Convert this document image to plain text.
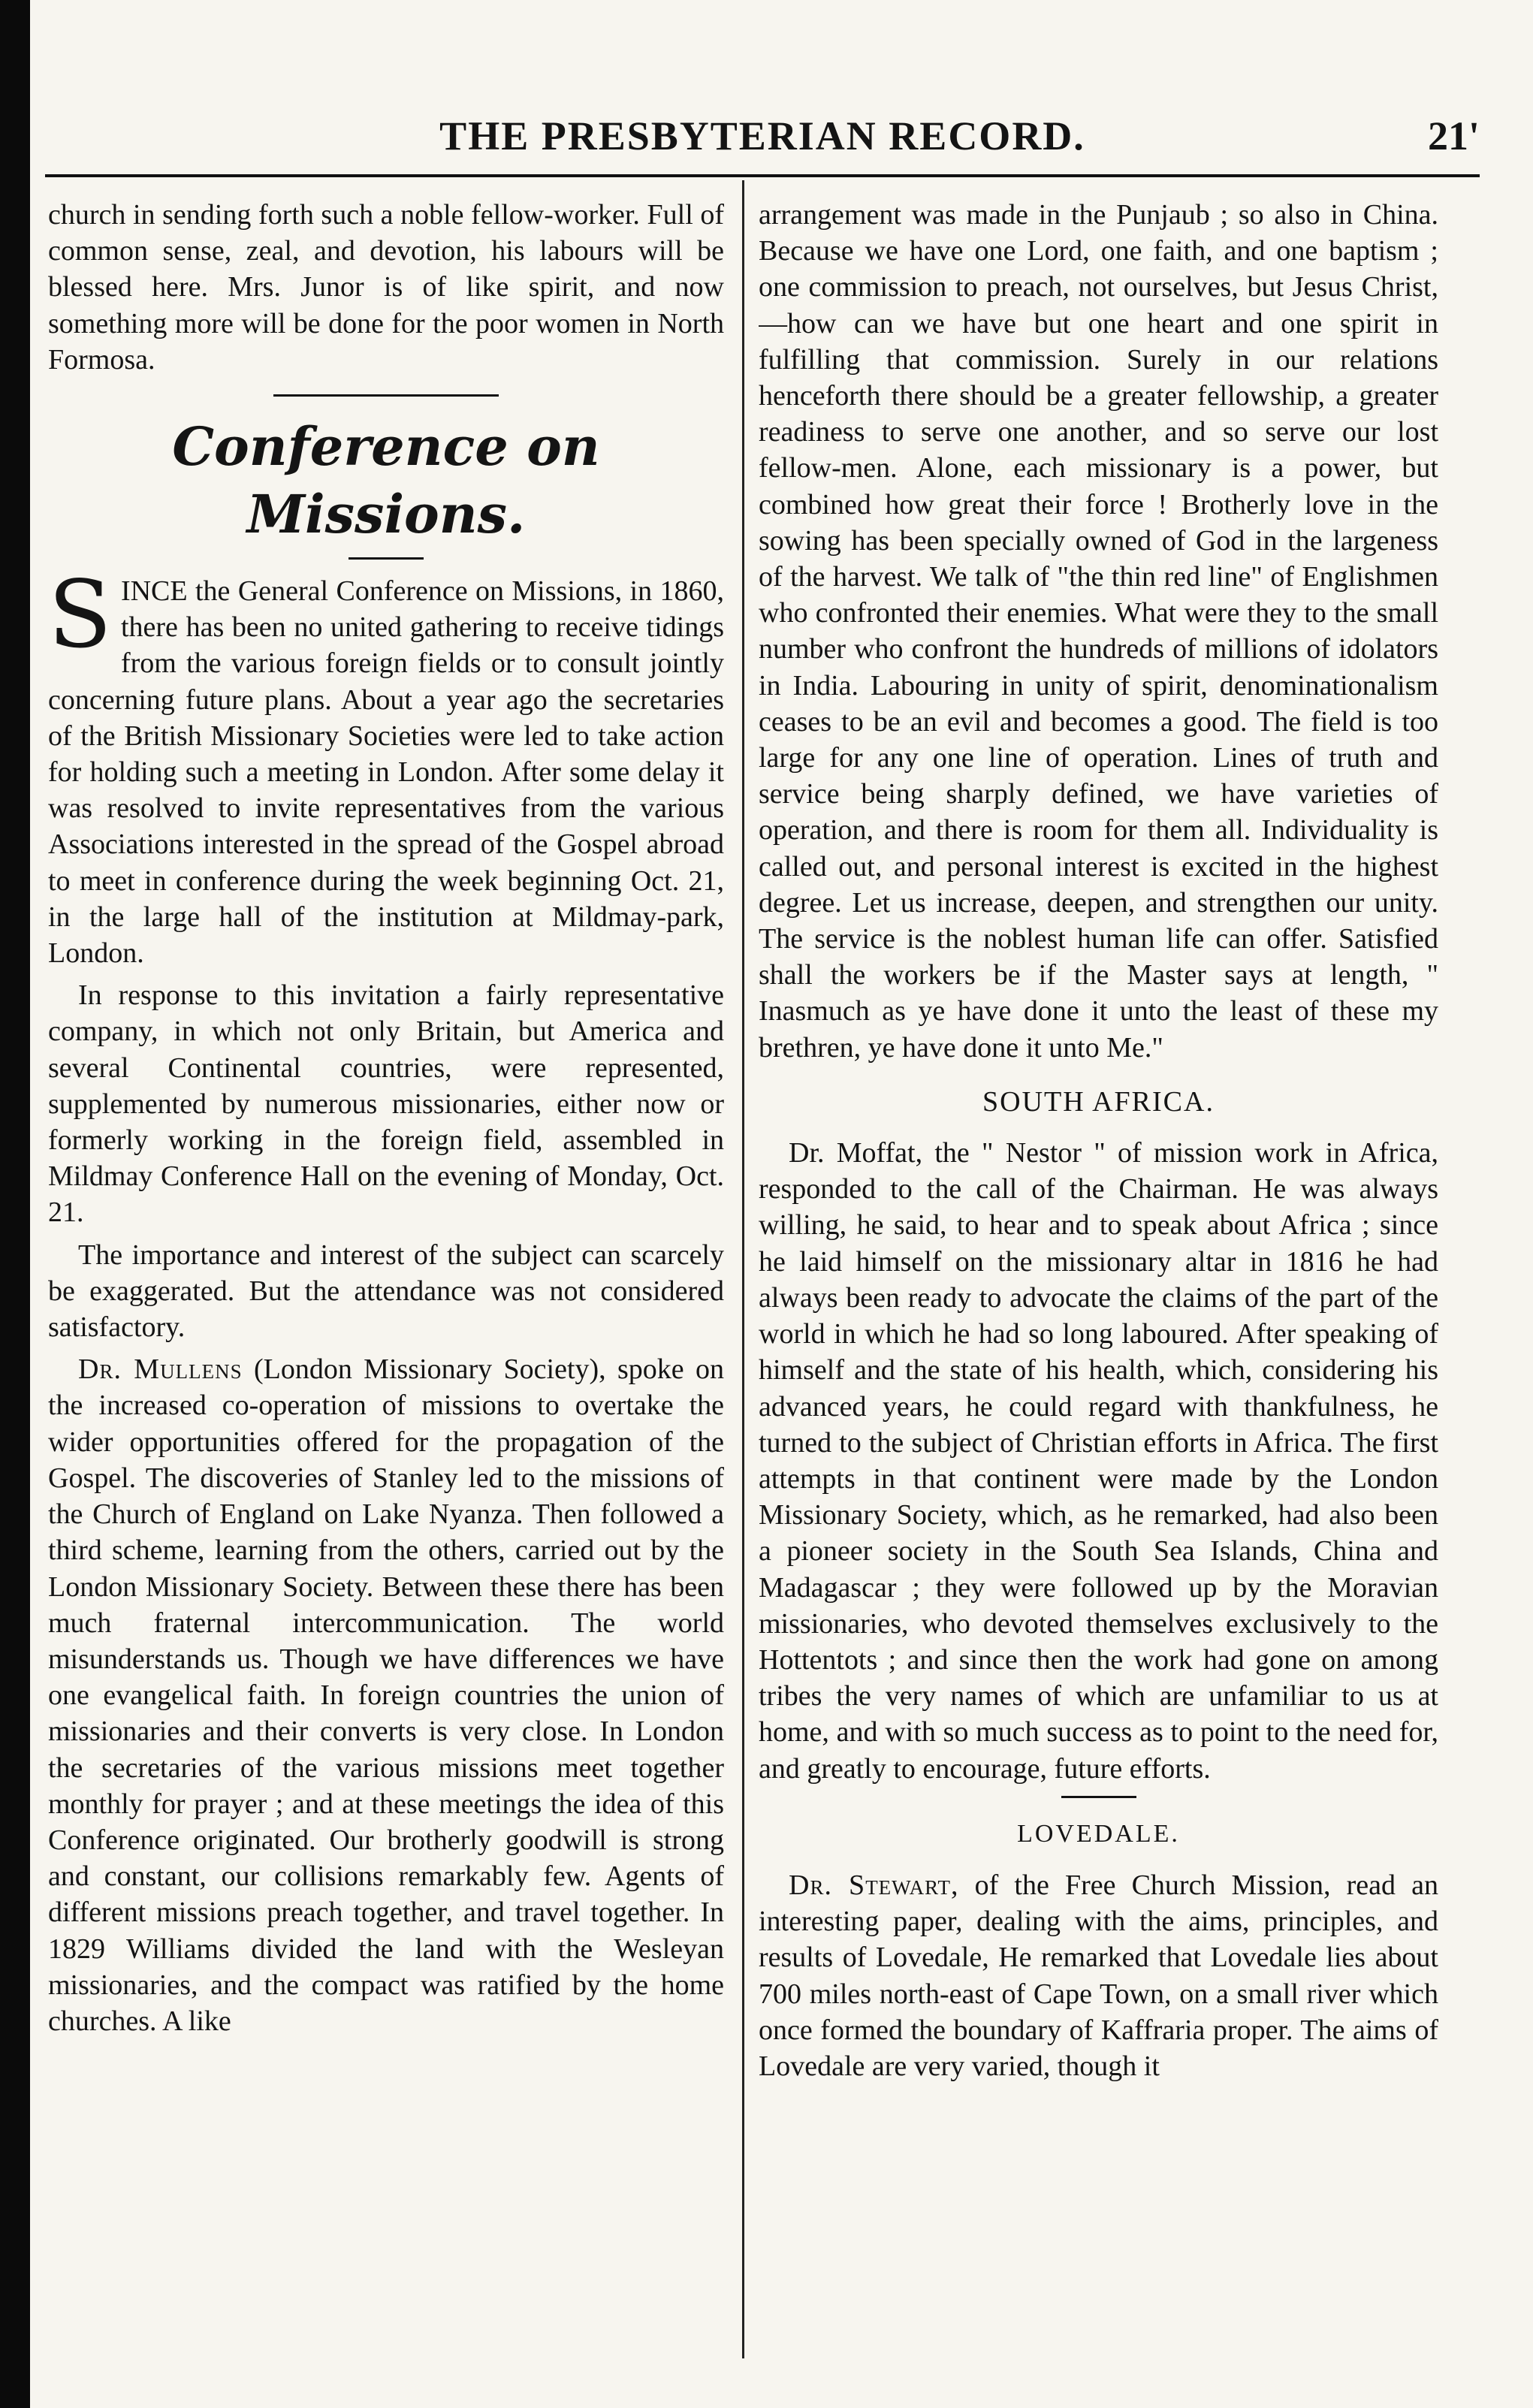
THE PRESBYTERIAN RECORD.	21'

church in sending forth such a noble fellow-worker. Full of common sense, zeal, and devotion, his labours will be blessed here. Mrs. Junor is of like spirit, and now something more will be done for the poor women in North Formosa.

Conference on Missions.

SINCE the General Conference on Missions, in 1860, there has been no united gathering to receive tidings from the various foreign fields or to consult jointly concerning future plans. About a year ago the secretaries of the British Missionary Societies were led to take action for holding such a meeting in London. After some delay it was resolved to invite representatives from the various Associations interested in the spread of the Gospel abroad to meet in conference during the week beginning Oct. 21, in the large hall of the institution at Mildmay-park, London.

In response to this invitation a fairly representative company, in which not only Britain, but America and several Continental countries, were represented, supplemented by numerous missionaries, either now or formerly working in the foreign field, assembled in Mildmay Conference Hall on the evening of Monday, Oct. 21.

The importance and interest of the subject can scarcely be exaggerated. But the attendance was not considered satisfactory.

Dr. Mullens (London Missionary Society), spoke on the increased co-operation of missions to overtake the wider opportunities offered for the propagation of the Gospel. The discoveries of Stanley led to the missions of the Church of England on Lake Nyanza. Then followed a third scheme, learning from the others, carried out by the London Missionary Society. Between these there has been much fraternal intercommunication. The world misunderstands us. Though we have differences we have one evangelical faith. In foreign countries the union of missionaries and their converts is very close. In London the secretaries of the various missions meet together monthly for prayer ; and at these meetings the idea of this Conference originated. Our brotherly goodwill is strong and constant, our collisions remarkably few. Agents of different missions preach together, and travel together. In 1829 Williams divided the land with the Wesleyan missionaries, and the compact was ratified by the home churches. A like

arrangement was made in the Punjaub ; so also in China. Because we have one Lord, one faith, and one baptism ; one commission to preach, not ourselves, but Jesus Christ,—how can we have but one heart and one spirit in fulfilling that commission. Surely in our relations henceforth there should be a greater fellowship, a greater readiness to serve one another, and so serve our lost fellow-men. Alone, each missionary is a power, but combined how great their force ! Brotherly love in the sowing has been specially owned of God in the largeness of the harvest. We talk of "the thin red line" of Englishmen who confronted their enemies. What were they to the small number who confront the hundreds of millions of idolators in India. Labouring in unity of spirit, denominationalism ceases to be an evil and becomes a good. The field is too large for any one line of operation. Lines of truth and service being sharply defined, we have varieties of operation, and there is room for them all. Individuality is called out, and personal interest is excited in the highest degree. Let us increase, deepen, and strengthen our unity. The service is the noblest human life can offer. Satisfied shall the workers be if the Master says at length, " Inasmuch as ye have done it unto the least of these my brethren, ye have done it unto Me."

SOUTH AFRICA.

Dr. Moffat, the " Nestor " of mission work in Africa, responded to the call of the Chairman. He was always willing, he said, to hear and to speak about Africa ; since he laid himself on the missionary altar in 1816 he had always been ready to advocate the claims of the part of the world in which he had so long laboured. After speaking of himself and the state of his health, which, considering his advanced years, he could regard with thankfulness, he turned to the subject of Christian efforts in Africa. The first attempts in that continent were made by the London Missionary Society, which, as he remarked, had also been a pioneer society in the South Sea Islands, China and Madagascar ; they were followed up by the Moravian missionaries, who devoted themselves exclusively to the Hottentots ; and since then the work had gone on among tribes the very names of which are unfamiliar to us at home, and with so much success as to point to the need for, and greatly to encourage, future efforts.

LOVEDALE.

Dr. Stewart, of the Free Church Mission, read an interesting paper, dealing with the aims, principles, and results of Lovedale, He remarked that Lovedale lies about 700 miles north-east of Cape Town, on a small river which once formed the boundary of Kaffraria proper. The aims of Lovedale are very varied, though it
